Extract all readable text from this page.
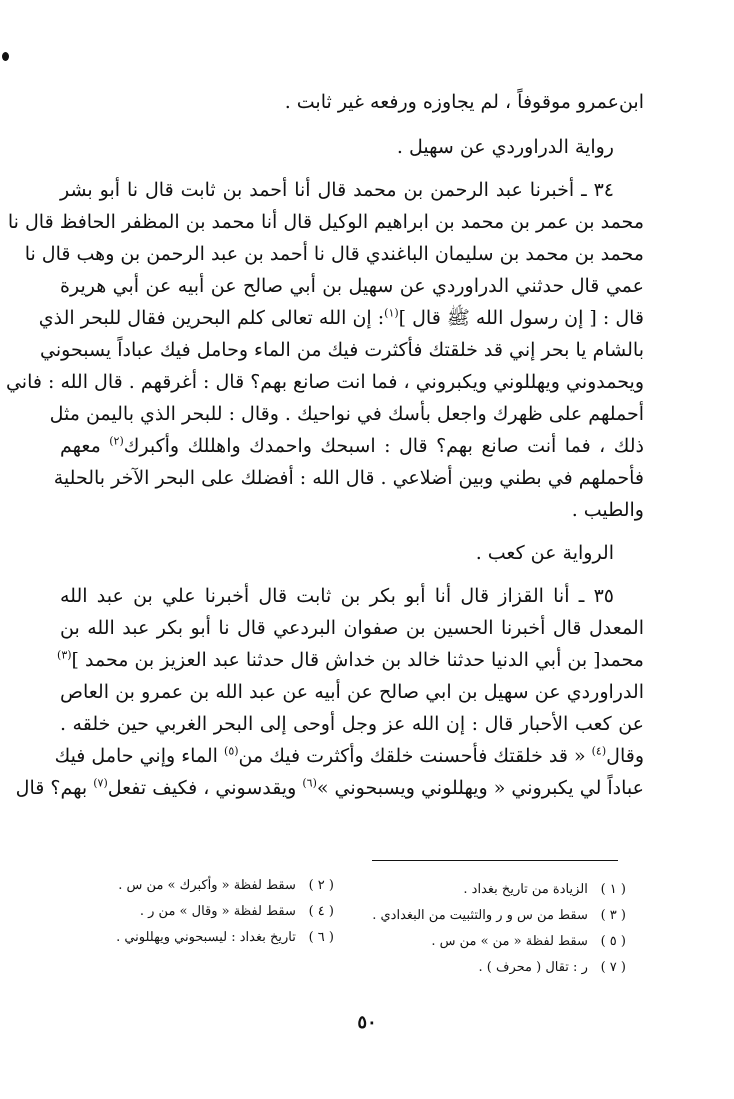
ابن‌عمرو موقوفاً ، لم يجاوزه ورفعه غير ثابت .
رواية الدراوردي عن سهيل .
٣٤ ـ أخبرنا عبد الرحمن بن محمد قال أنا أحمد بن ثابت قال نا أبو بشر
محمد بن عمر بن محمد بن ابراهيم الوكيل قال أنا محمد بن المظفر الحافظ قال نا
محمد بن محمد بن سليمان الباغندي قال نا أحمد بن عبد الرحمن بن وهب قال نا
عمي قال حدثني الدراوردي عن سهيل بن أبي صالح عن أبيه عن أبي هريرة
قال : [ إن رسول الله ﷺ قال ]$^{(١)}$: إن الله تعالى كلم البحرين فقال للبحر الذي
بالشام يا بحر إني قد خلقتك فأكثرت فيك من الماء وحامل فيك عباداً يسبحوني
ويحمدوني ويهللوني ويكبروني ، فما انت صانع بهم؟ قال : أغرقهم . قال الله : فاني
أحملهم على ظهرك واجعل بأسك في نواحيك . وقال : للبحر الذي باليمن مثل
ذلك ، فما أنت صانع بهم؟ قال : اسبحك واحمدك واهللك وأكبرك$^{(٢)}$ معهم
فأحملهم في بطني وبين أضلاعي . قال الله : أفضلك على البحر الآخر بالحلية
والطيب .
الرواية عن كعب .
٣٥ ـ أنا القزاز قال أنا أبو بكر بن ثابت قال أخبرنا علي بن عبد الله
المعدل قال أخبرنا الحسين بن صفوان البردعي قال نا أبو بكر عبد الله بن
محمد[ بن أبي الدنيا حدثنا خالد بن خداش قال حدثنا عبد العزيز بن محمد ]$^{(٣)}$
الدراوردي عن سهيل بن ابي صالح عن أبيه عن عبد الله بن عمرو بن العاص
عن كعب الأحبار قال : إن الله عز وجل أوحى إلى البحر الغربي حين خلقه .
وقال$^{(٤)}$ « قد خلقتك فأحسنت خلقك وأكثرت فيك من$^{(٥)}$ الماء وإني حامل فيك
عباداً لي يكبروني « ويهللوني ويسبحوني »$^{(٦)}$ ويقدسوني ، فكيف تفعل$^{(٧)}$ بهم؟ قال
( ١ ) الزيادة من تاريخ بغداد .
( ٢ ) سقط لفظة « وأكبرك » من س .
( ٣ ) سقط من س و ر والتثبيت من البغدادي .
( ٤ ) سقط لفظة « وقال » من ر .
( ٥ ) سقط لفظة « من » من س .
( ٦ ) تاريخ بغداد : ليسبحوني ويهللوني .
( ٧ ) ر : تقال ( محرف ) .
٥٠
